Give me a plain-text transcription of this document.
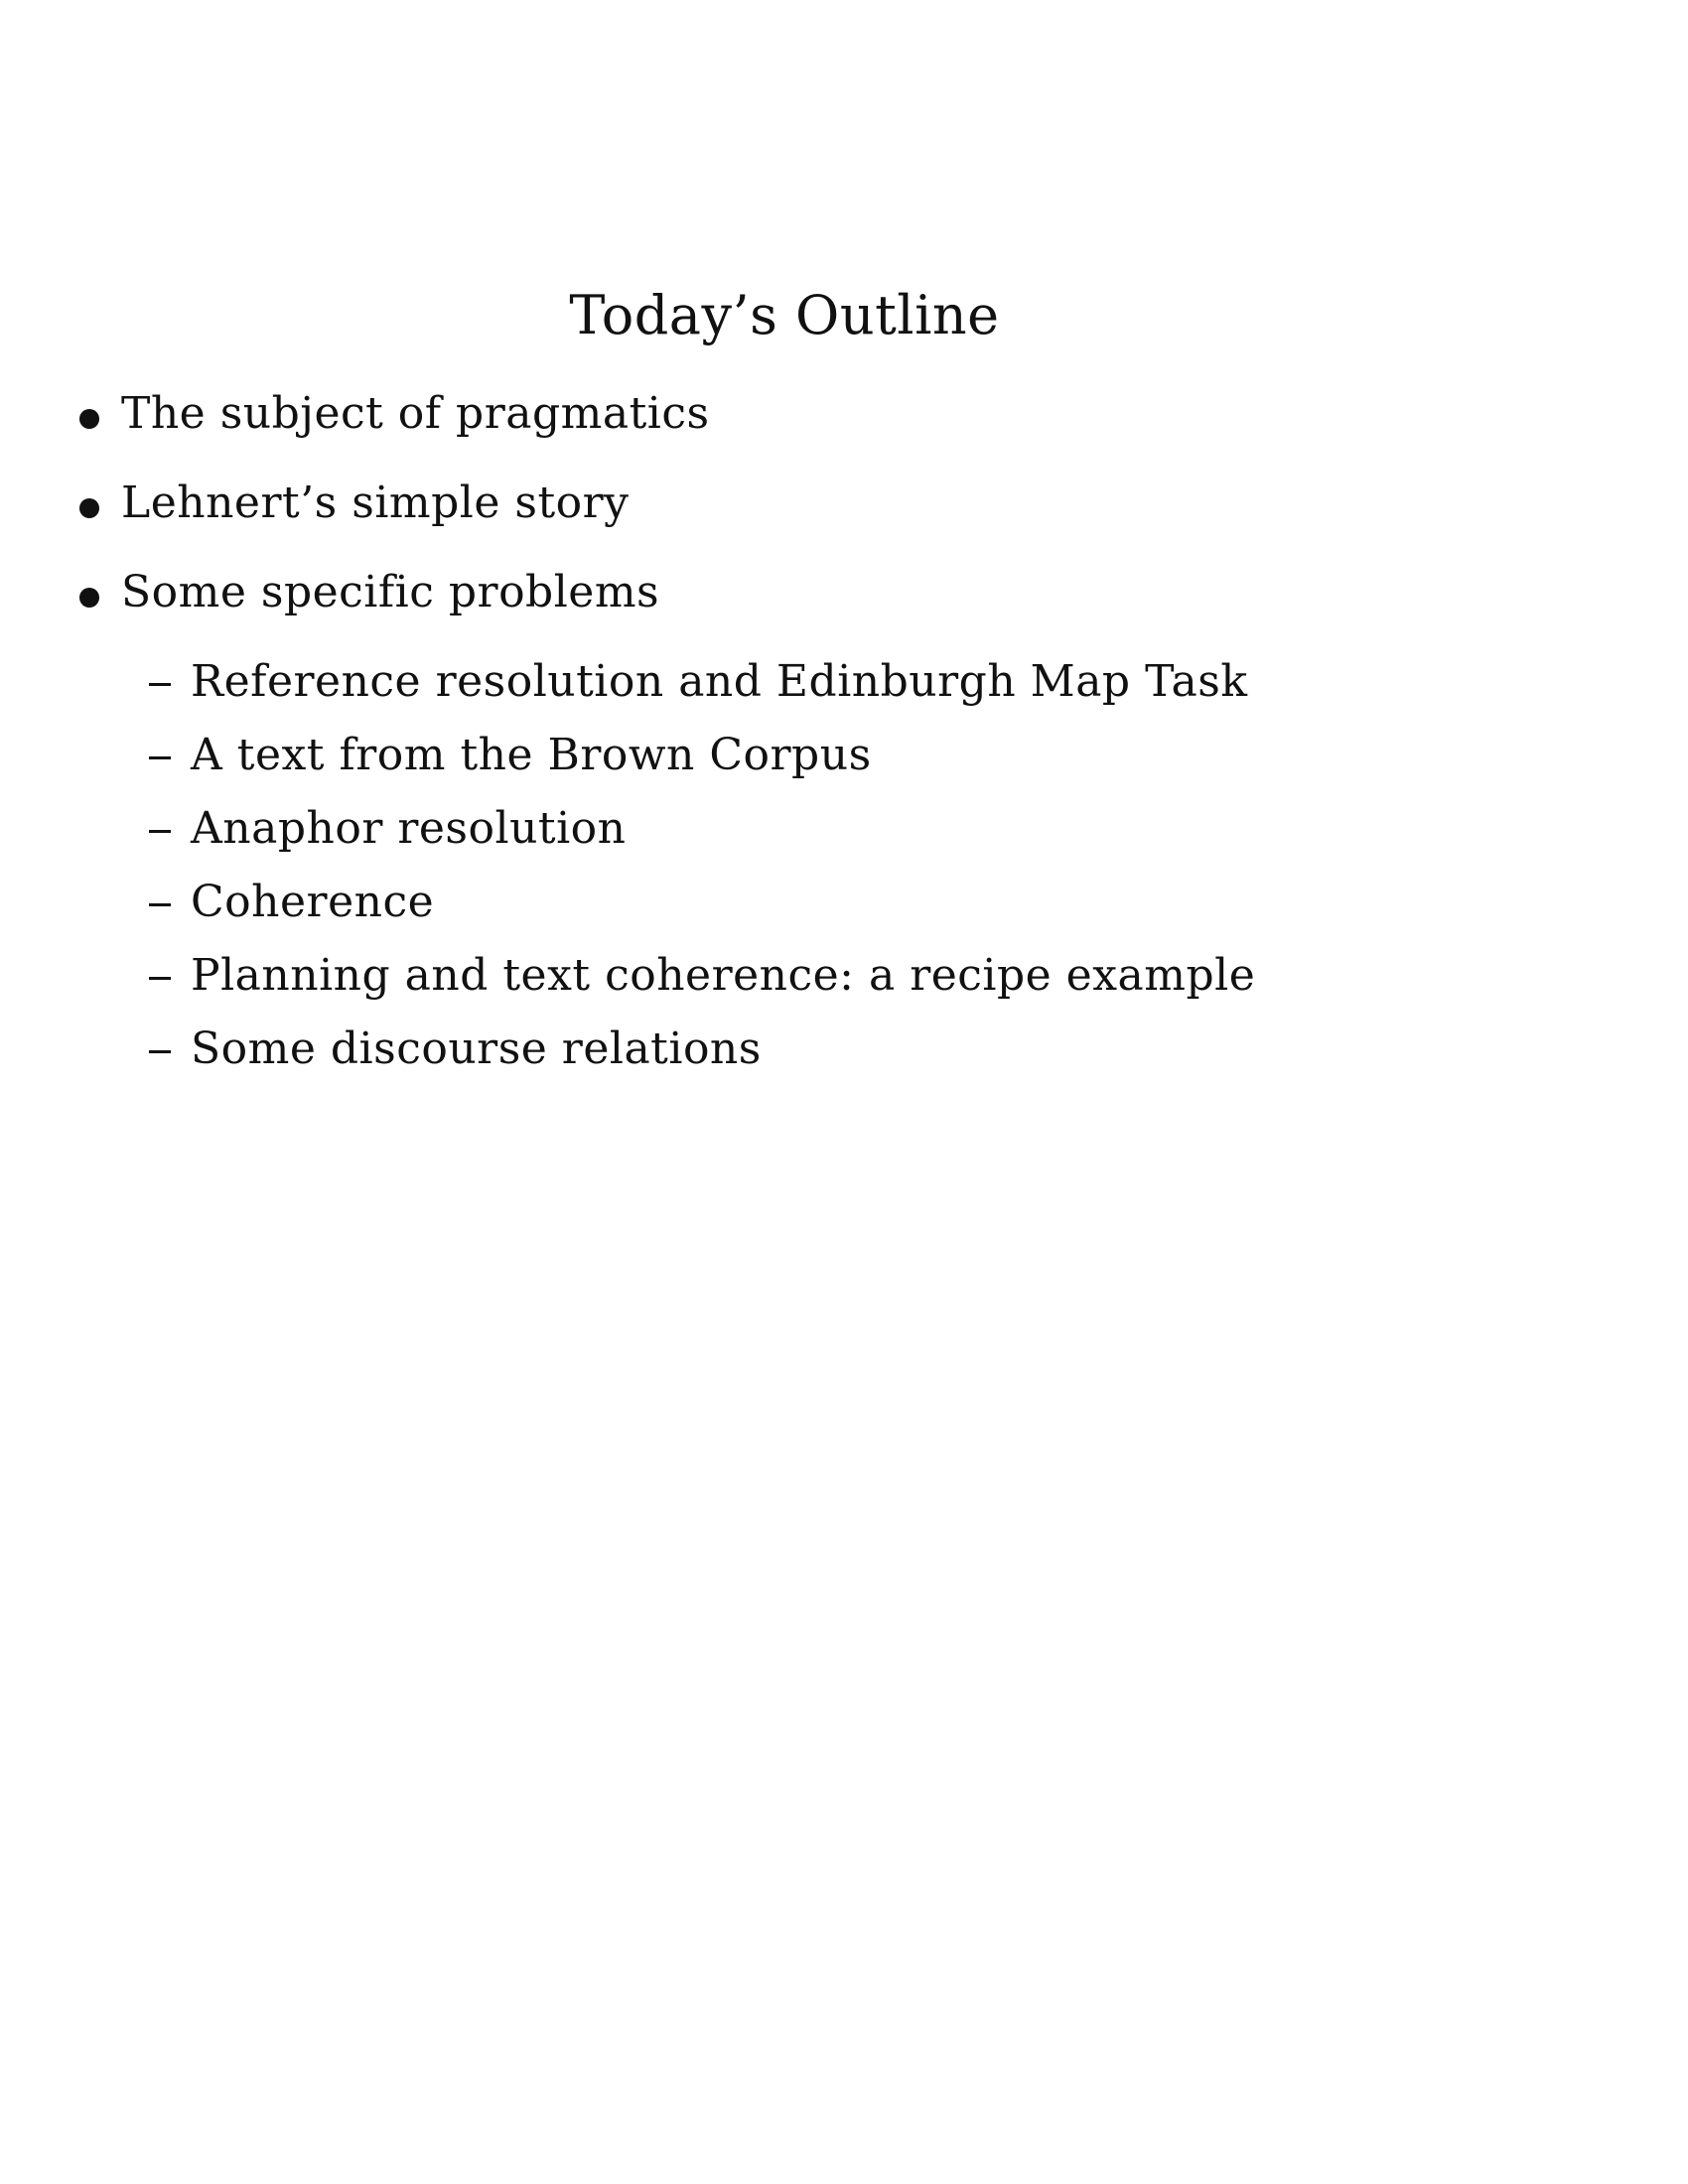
Today’s Outline
The subject of pragmatics
Lehnert’s simple story
Some specific problems
Reference resolution and Edinburgh Map Task
A text from the Brown Corpus
Anaphor resolution
Coherence
Planning and text coherence: a recipe example
Some discourse relations
